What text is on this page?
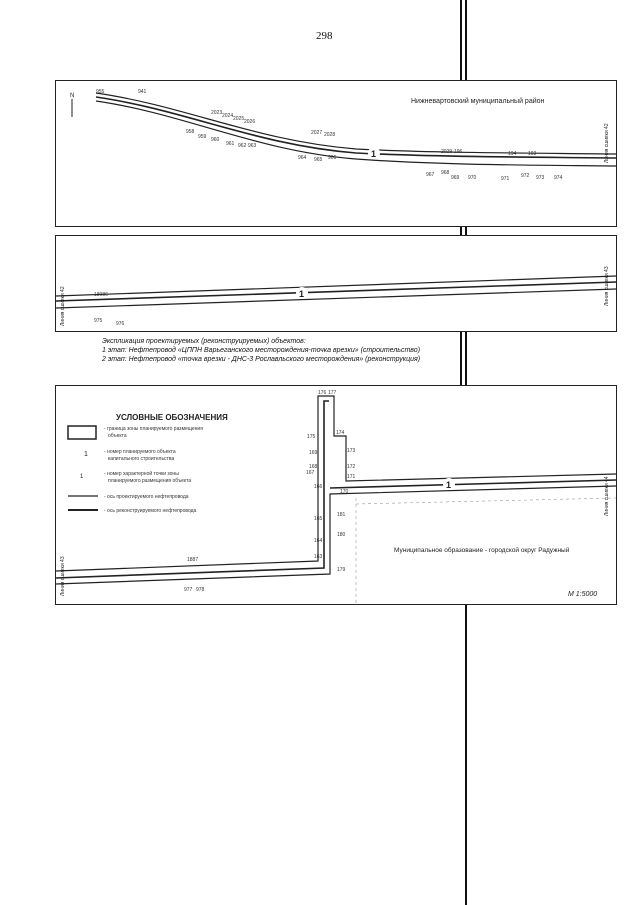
298
N
1
Нижневартовский муниципальный район
Линия сшивки 42
955	941
2023 2024 2025 2026
2027 2028
2029 196	194 193
958
959 960
961 962 963
964 965 966
967 968
969 970	971 972 973 974
1
Линия сшивки 42
Линия сшивки 43
18086
975	976
Экспликация проектируемых (реконструируемых) объектов:
1 этап: Нефтепровод «ЦППН Варьеганского месторождения-точка врезки» (строительство)
2 этап: Нефтепровод «точка врезки - ДНС-3 Рославльского месторождения» (реконструкция)
УСЛОВНЫЕ ОБОЗНАЧЕНИЯ
- граница зоны планируемого размещения
объекта
1	- номер планируемого объекта
капитального строительства
1	- номер характерной точки зоны
планируемого размещения объекта
- ось проектируемого нефтепровода
- ось реконструируемого нефтепровода
1
Линия сшивки 43
Линия сшивки 44
Муниципальное образование - городской округ Радужный
М 1:5000
176 177
175
174
173
172
171
170
169
168
167
166
165
164
163
1887
977 978
181
180
179
